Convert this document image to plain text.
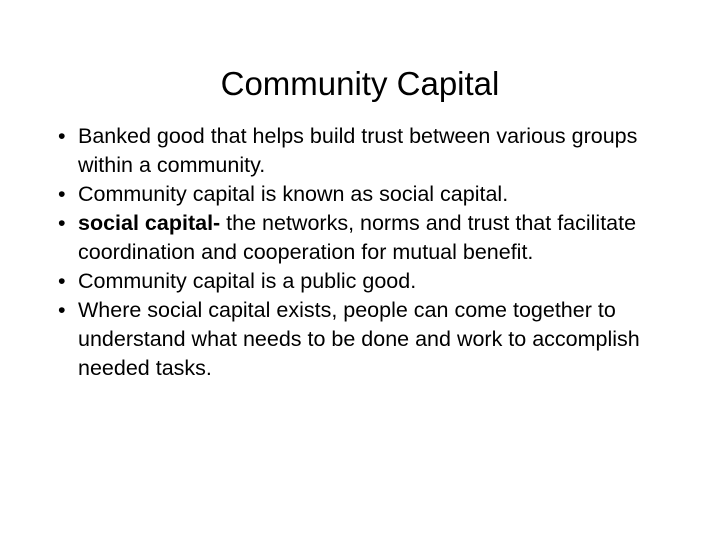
Community Capital
• Banked good that helps build trust between various groups within a community.
• Community capital is known as social capital.
• social capital- the networks, norms and trust that facilitate coordination and cooperation for mutual benefit.
• Community capital is a public good.
• Where social capital exists, people can come together to understand what needs to be done and work to accomplish needed tasks.
